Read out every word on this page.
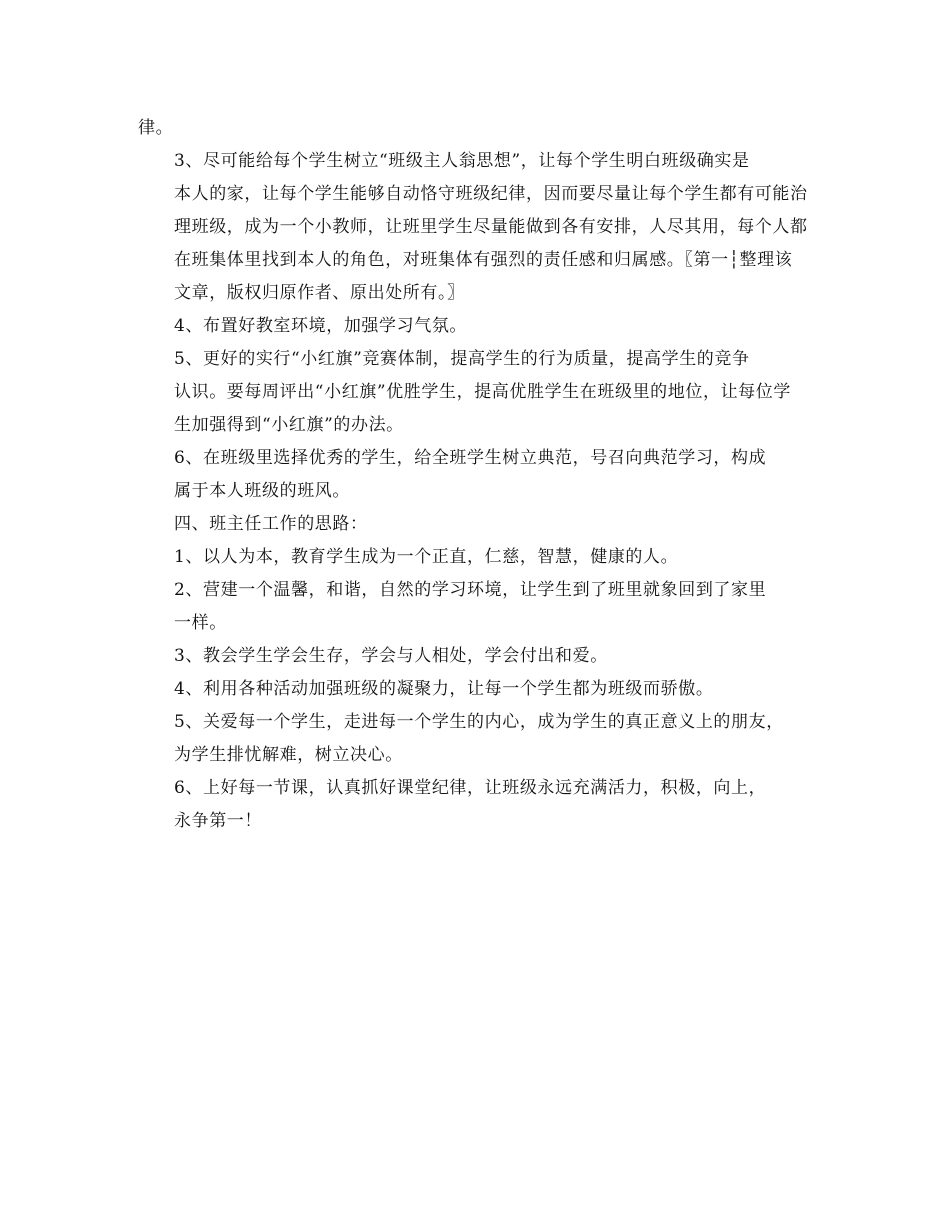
律。

3、尽可能给每个学生树立“班级主人翁思想”，让每个学生明白班级确实是
本人的家，让每个学生能够自动恪守班级纪律，因而要尽量让每个学生都有可能治
理班级，成为一个小教师，让班里学生尽量能做到各有安排，人尽其用，每个人都
在班集体里找到本人的角色，对班集体有强烈的责任感和归属感。〖第一┆整理该
文章，版权归原作者、原出处所有。〗

4、布置好教室环境，加强学习气氛。

5、更好的实行“小红旗”竞赛体制，提高学生的行为质量，提高学生的竞争
认识。要每周评出“小红旗”优胜学生，提高优胜学生在班级里的地位，让每位学
生加强得到“小红旗”的办法。

6、在班级里选择优秀的学生，给全班学生树立典范，号召向典范学习，构成
属于本人班级的班风。

四、班主任工作的思路：

1、以人为本，教育学生成为一个正直，仁慈，智慧，健康的人。

2、营建一个温馨，和谐，自然的学习环境，让学生到了班里就象回到了家里
一样。

3、教会学生学会生存，学会与人相处，学会付出和爱。

4、利用各种活动加强班级的凝聚力，让每一个学生都为班级而骄傲。

5、关爱每一个学生，走进每一个学生的内心，成为学生的真正意义上的朋友，
为学生排忧解难，树立决心。

6、上好每一节课，认真抓好课堂纪律，让班级永远充满活力，积极，向上，
永争第一！
